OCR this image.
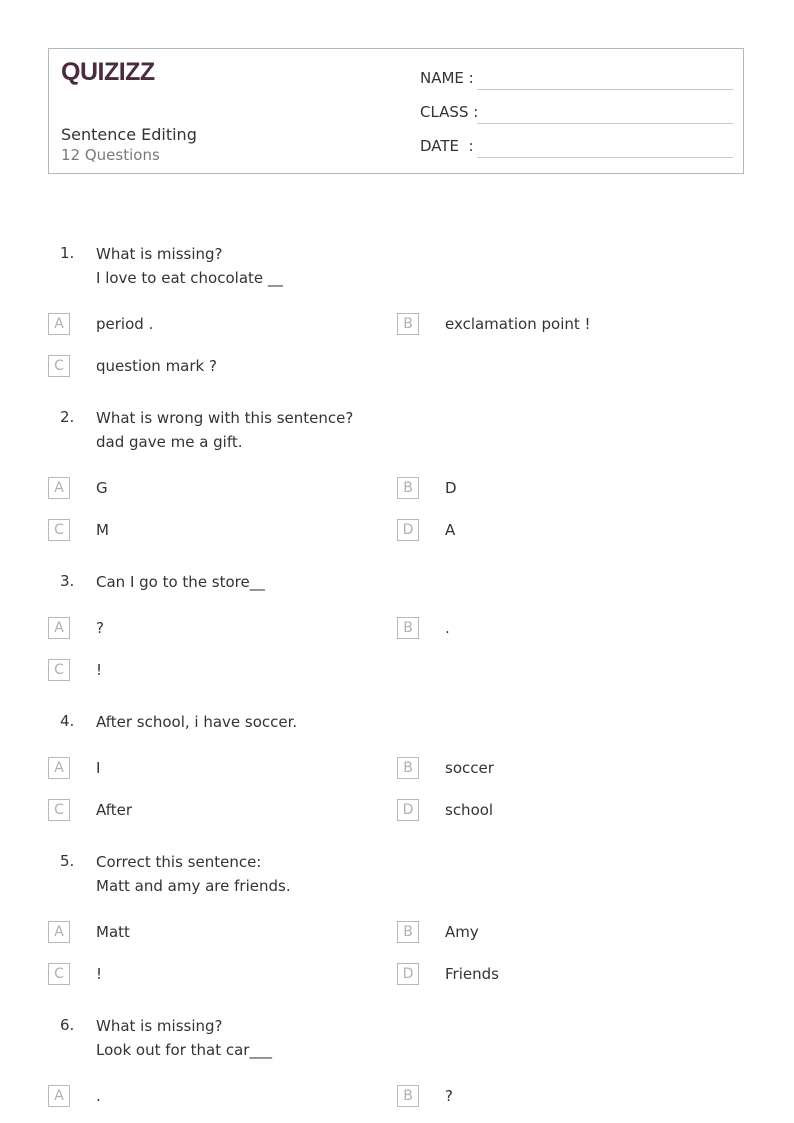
QUIZIZZ
Sentence Editing
12 Questions
NAME :
CLASS :
DATE  :
1. What is missing?
I love to eat chocolate __
A	period .	B	exclamation point !
C	question mark ?
2. What is wrong with this sentence?
dad gave me a gift.
A	G	B	D
C	M	D	A
3. Can I go to the store__
A	?	B	.
C	!
4. After school, i have soccer.
A	I	B	soccer
C	After	D	school
5. Correct this sentence:
Matt and amy are friends.
A	Matt	B	Amy
C	!	D	Friends
6. What is missing?
Look out for that car___
A	.	B	?
